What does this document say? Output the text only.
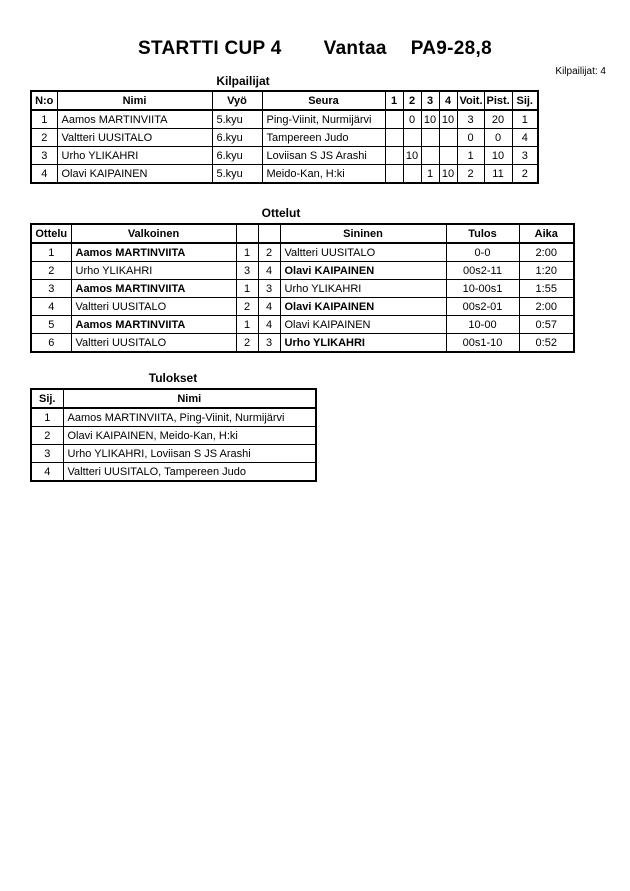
STARTTI CUP 4 Vantaa PA9-28,8
Kilpailijat: 4
Kilpailijat
N:o	Nimi	Vyö	Seura	1	2	3	4	Voit.	Pist.	Sij.
1	Aamos MARTINVIITA	5.kyu	Ping-Viinit, Nurmijärvi		0	10	10	3	20	1
2	Valtteri UUSITALO	6.kyu	Tampereen Judo					0	0	4
3	Urho YLIKAHRI	6.kyu	Loviisan S JS Arashi		10			1	10	3
4	Olavi KAIPAINEN	5.kyu	Meido-Kan, H:ki			1	10	2	11	2
Ottelut
Ottelu	Valkoinen			Sininen	Tulos	Aika
1	Aamos MARTINVIITA	1	2	Valtteri UUSITALO	0-0	2:00
2	Urho YLIKAHRI	3	4	Olavi KAIPAINEN	00s2-11	1:20
3	Aamos MARTINVIITA	1	3	Urho YLIKAHRI	10-00s1	1:55
4	Valtteri UUSITALO	2	4	Olavi KAIPAINEN	00s2-01	2:00
5	Aamos MARTINVIITA	1	4	Olavi KAIPAINEN	10-00	0:57
6	Valtteri UUSITALO	2	3	Urho YLIKAHRI	00s1-10	0:52
Tulokset
Sij.	Nimi
1	Aamos MARTINVIITA, Ping-Viinit, Nurmijärvi
2	Olavi KAIPAINEN, Meido-Kan, H:ki
3	Urho YLIKAHRI, Loviisan S JS Arashi
4	Valtteri UUSITALO, Tampereen Judo
